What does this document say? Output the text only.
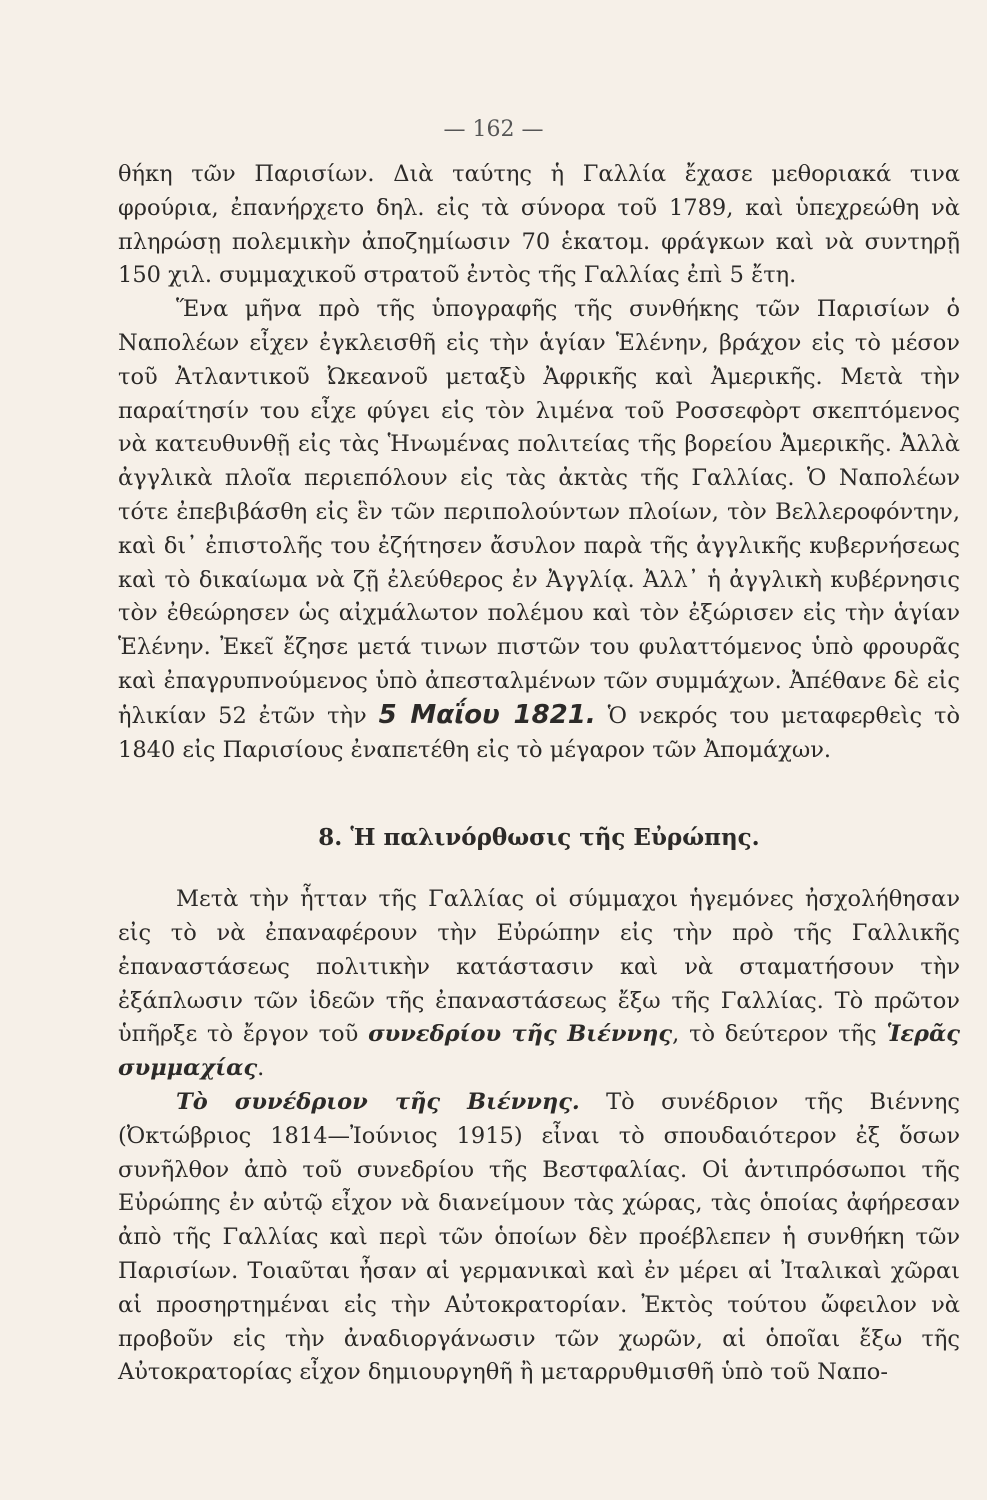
— 162 —

θήκη τῶν Παρισίων. Διὰ ταύτης ἡ Γαλλία ἔχασε μεθοριακά τινα φρούρια, ἐπανήρχετο δηλ. εἰς τὰ σύνορα τοῦ 1789, καὶ ὑπεχρεώθη νὰ πληρώσῃ πολεμικὴν ἀποζημίωσιν 70 ἑκατομ. φράγκων καὶ νὰ συντηρῇ 150 χιλ. συμμαχικοῦ στρατοῦ ἐντὸς τῆς Γαλλίας ἐπὶ 5 ἔτη.

Ἕνα μῆνα πρὸ τῆς ὑπογραφῆς τῆς συνθήκης τῶν Παρισίων ὁ Ναπολέων εἶχεν ἐγκλεισθῆ εἰς τὴν ἁγίαν Ἑλένην, βράχον εἰς τὸ μέσον τοῦ Ἀτλαντικοῦ Ὠκεανοῦ μεταξὺ Ἀφρικῆς καὶ Ἀμερικῆς. Μετὰ τὴν παραίτησίν του εἶχε φύγει εἰς τὸν λιμένα τοῦ Ροσσεφὸρτ σκεπτόμενος νὰ κατευθυνθῇ εἰς τὰς Ἡνωμένας πολιτείας τῆς βορείου Ἀμερικῆς. Ἀλλὰ ἀγγλικὰ πλοῖα περιεπόλουν εἰς τὰς ἀκτὰς τῆς Γαλλίας. Ὁ Ναπολέων τότε ἐπεβιβάσθη εἰς ἓν τῶν περιπολούντων πλοίων, τὸν Βελλεροφόντην, καὶ δι᾽ ἐπιστολῆς του ἐζήτησεν ἄσυλον παρὰ τῆς ἀγγλικῆς κυβερνήσεως καὶ τὸ δικαίωμα νὰ ζῇ ἐλεύθερος ἐν Ἀγγλίᾳ. Ἀλλ᾽ ἡ ἀγγλικὴ κυβέρνησις τὸν ἐθεώρησεν ὡς αἰχμάλωτον πολέμου καὶ τὸν ἐξώρισεν εἰς τὴν ἁγίαν Ἑλένην. Ἐκεῖ ἔζησε μετά τινων πιστῶν του φυλαττόμενος ὑπὸ φρουρᾶς καὶ ἐπαγρυπνούμενος ὑπὸ ἀπεσταλμένων τῶν συμμάχων. Ἀπέθανε δὲ εἰς ἡλικίαν 52 ἐτῶν τὴν 5 Μαΐου 1821. Ὁ νεκρός του μεταφερθεὶς τὸ 1840 εἰς Παρισίους ἐναπετέθη εἰς τὸ μέγαρον τῶν Ἀπομάχων.

8. Ἡ παλινόρθωσις τῆς Εὐρώπης.

Μετὰ τὴν ἧτταν τῆς Γαλλίας οἱ σύμμαχοι ἡγεμόνες ἠσχολήθησαν εἰς τὸ νὰ ἐπαναφέρουν τὴν Εὐρώπην εἰς τὴν πρὸ τῆς Γαλλικῆς ἐπαναστάσεως πολιτικὴν κατάστασιν καὶ νὰ σταματήσουν τὴν ἐξάπλωσιν τῶν ἰδεῶν τῆς ἐπαναστάσεως ἔξω τῆς Γαλλίας. Τὸ πρῶτον ὑπῆρξε τὸ ἔργον τοῦ συνεδρίου τῆς Βιέννης, τὸ δεύτερον τῆς Ἱερᾶς συμμαχίας.

Τὸ συνέδριον τῆς Βιέννης. Τὸ συνέδριον τῆς Βιέννης (Ὀκτώβριος 1814—Ἰούνιος 1915) εἶναι τὸ σπουδαιότερον ἐξ ὅσων συνῆλθον ἀπὸ τοῦ συνεδρίου τῆς Βεστφαλίας. Οἱ ἀντιπρόσωποι τῆς Εὐρώπης ἐν αὐτῷ εἶχον νὰ διανείμουν τὰς χώρας, τὰς ὁποίας ἀφήρεσαν ἀπὸ τῆς Γαλλίας καὶ περὶ τῶν ὁποίων δὲν προέβλεπεν ἡ συνθήκη τῶν Παρισίων. Τοιαῦται ἦσαν αἱ γερμανικαὶ καὶ ἐν μέρει αἱ Ἰταλικαὶ χῶραι αἱ προσηρτημέναι εἰς τὴν Αὐτοκρατορίαν. Ἐκτὸς τούτου ὤφειλον νὰ προβοῦν εἰς τὴν ἀναδιοργάνωσιν τῶν χωρῶν, αἱ ὁποῖαι ἔξω τῆς Αὐτοκρατορίας εἶχον δημιουργηθῆ ἢ μεταρρυθμισθῆ ὑπὸ τοῦ Ναπο-
